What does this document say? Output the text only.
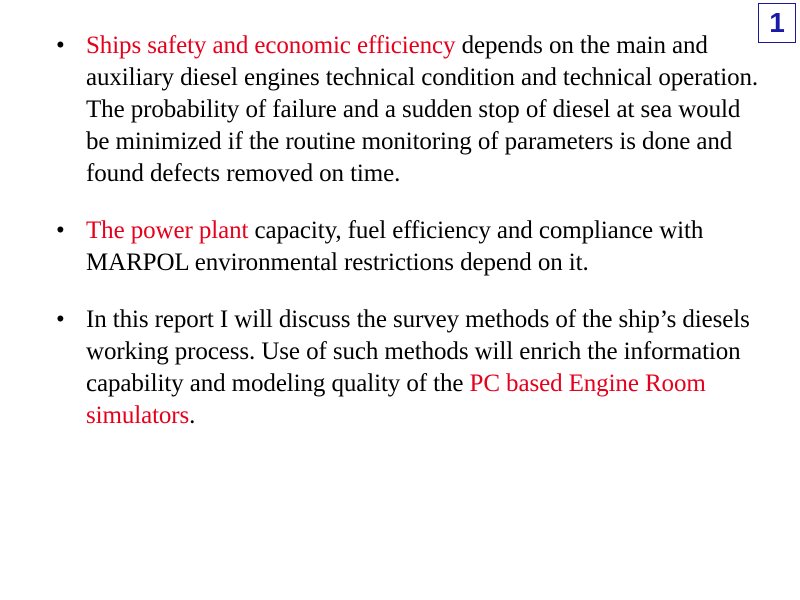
1
• Ships safety and economic efficiency depends on the main and auxiliary diesel engines technical condition and technical operation. The probability of failure and a sudden stop of diesel at sea would be minimized if the routine monitoring of parameters is done and found defects removed on time.
• The power plant capacity, fuel efficiency and compliance with MARPOL environmental restrictions depend on it.
• In this report I will discuss the survey methods of the ship’s diesels working process. Use of such methods will enrich the information capability and modeling quality of the PC based Engine Room simulators.
